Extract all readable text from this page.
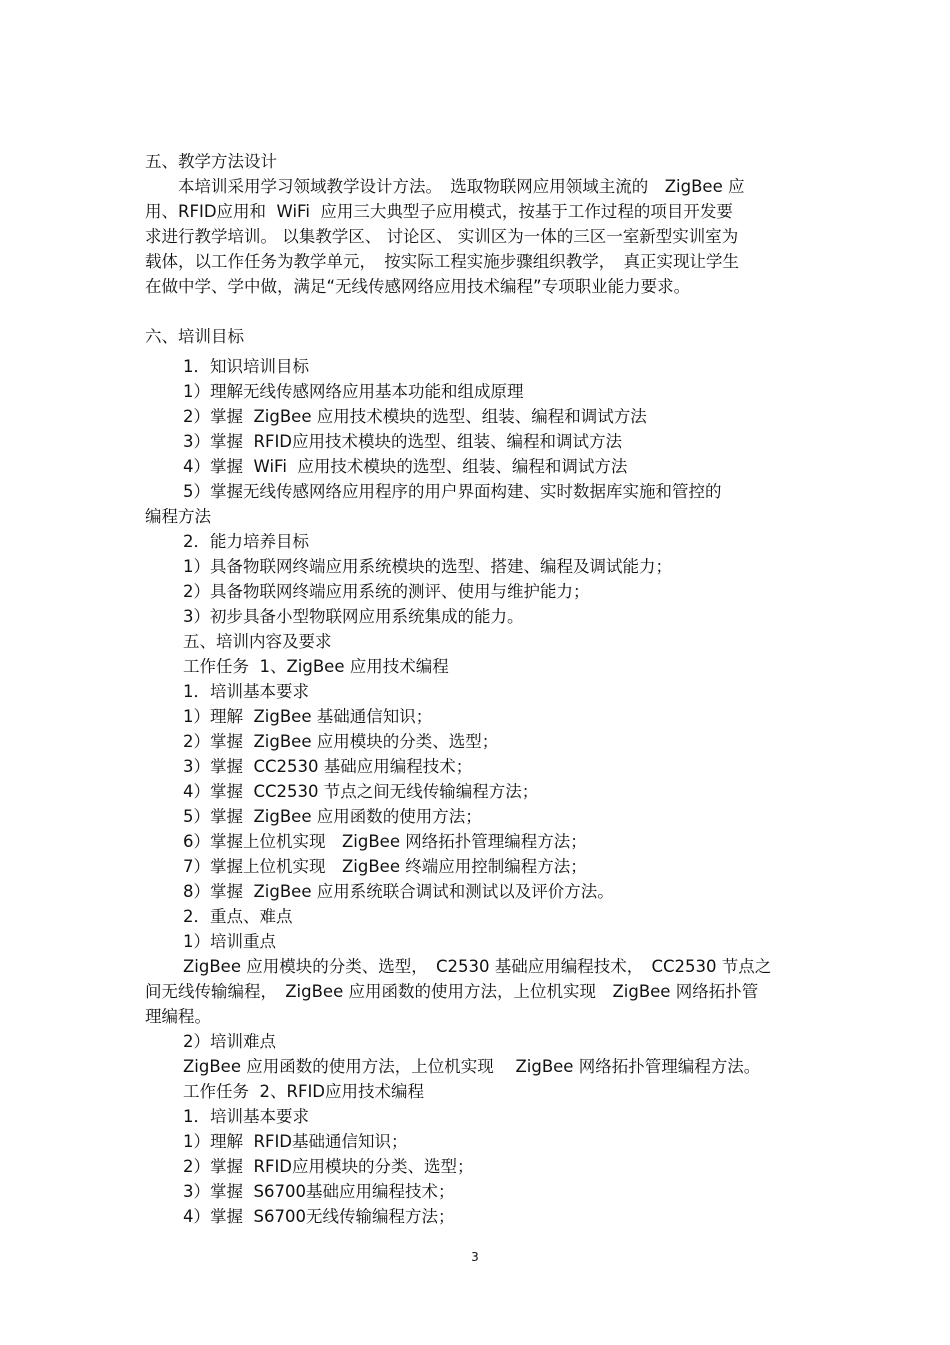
五、教学方法设计
　　本培训采用学习领域教学设计方法。　选取物联网应用领域主流的　ZigBee 应
用、RFID应用和  WiFi  应用三大典型子应用模式，按基于工作过程的项目开发要
求进行教学培训。 以集教学区、 讨论区、 实训区为一体的三区一室新型实训室为
载体，以工作任务为教学单元，　按实际工程实施步骤组织教学，　真正实现让学生
在做中学、学中做，满足“无线传感网络应用技术编程”专项职业能力要求。
六、培训目标
1．知识培训目标
1）理解无线传感网络应用基本功能和组成原理
2）掌握  ZigBee 应用技术模块的选型、组装、编程和调试方法
3）掌握  RFID应用技术模块的选型、组装、编程和调试方法
4）掌握  WiFi  应用技术模块的选型、组装、编程和调试方法
5）掌握无线传感网络应用程序的用户界面构建、实时数据库实施和管控的
编程方法
2．能力培养目标
1）具备物联网终端应用系统模块的选型、搭建、编程及调试能力；
2）具备物联网终端应用系统的测评、使用与维护能力；
3）初步具备小型物联网应用系统集成的能力。
五、培训内容及要求
工作任务  1、ZigBee 应用技术编程
1．培训基本要求
1）理解  ZigBee 基础通信知识；
2）掌握  ZigBee 应用模块的分类、选型；
3）掌握  CC2530 基础应用编程技术；
4）掌握  CC2530 节点之间无线传输编程方法；
5）掌握  ZigBee 应用函数的使用方法；
6）掌握上位机实现　ZigBee 网络拓扑管理编程方法；
7）掌握上位机实现　ZigBee 终端应用控制编程方法；
8）掌握  ZigBee 应用系统联合调试和测试以及评价方法。
2．重点、难点
1）培训重点
ZigBee 应用模块的分类、选型，　C2530 基础应用编程技术，　CC2530 节点之
间无线传输编程，　ZigBee 应用函数的使用方法，上位机实现　ZigBee 网络拓扑管
理编程。
2）培训难点
ZigBee 应用函数的使用方法，上位机实现　 ZigBee 网络拓扑管理编程方法。
工作任务  2、RFID应用技术编程
1．培训基本要求
1）理解  RFID基础通信知识；
2）掌握  RFID应用模块的分类、选型；
3）掌握  S6700基础应用编程技术；
4）掌握  S6700无线传输编程方法；
3
